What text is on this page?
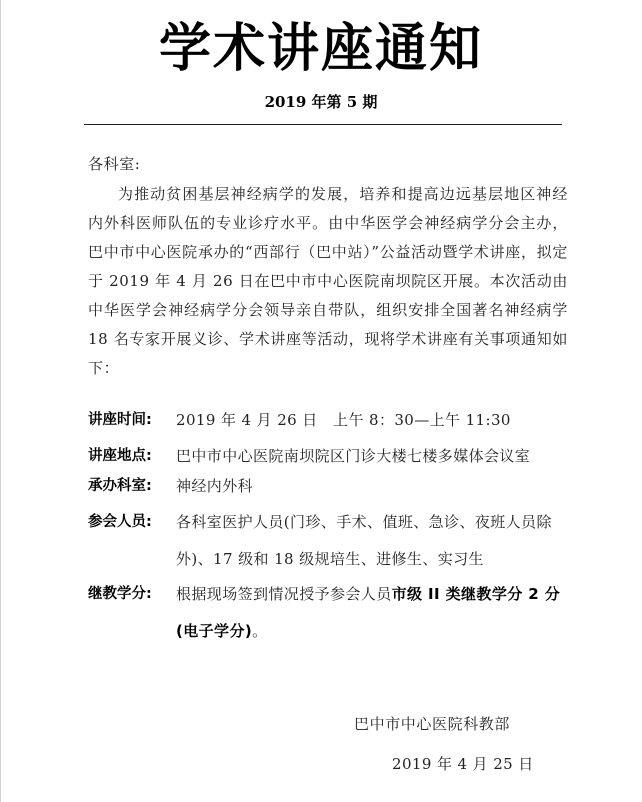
学术讲座通知
2019 年第 5 期
各科室:
为推动贫困基层神经病学的发展，培养和提高边远基层地区神经内外科医师队伍的专业诊疗水平。由中华医学会神经病学分会主办，巴中市中心医院承办的“西部行（巴中站）”公益活动暨学术讲座，拟定于 2019 年 4 月 26 日在巴中市中心医院南坝院区开展。本次活动由中华医学会神经病学分会领导亲自带队，组织安排全国著名神经病学 18 名专家开展义诊、学术讲座等活动，现将学术讲座有关事项通知如下：
讲座时间:	2019 年 4 月 26 日　上午 8：30—上午 11:30
讲座地点:	巴中市中心医院南坝院区门诊大楼七楼多媒体会议室
承办科室:	神经内外科
参会人员:	各科室医护人员(门珍、手术、值班、急诊、夜班人员除外)、17 级和 18 级规培生、进修生、实习生
继教学分:	根据现场签到情况授予参会人员市级 II 类继教学分 2 分(电子学分)。
巴中市中心医院科教部
2019 年 4 月 25 日
